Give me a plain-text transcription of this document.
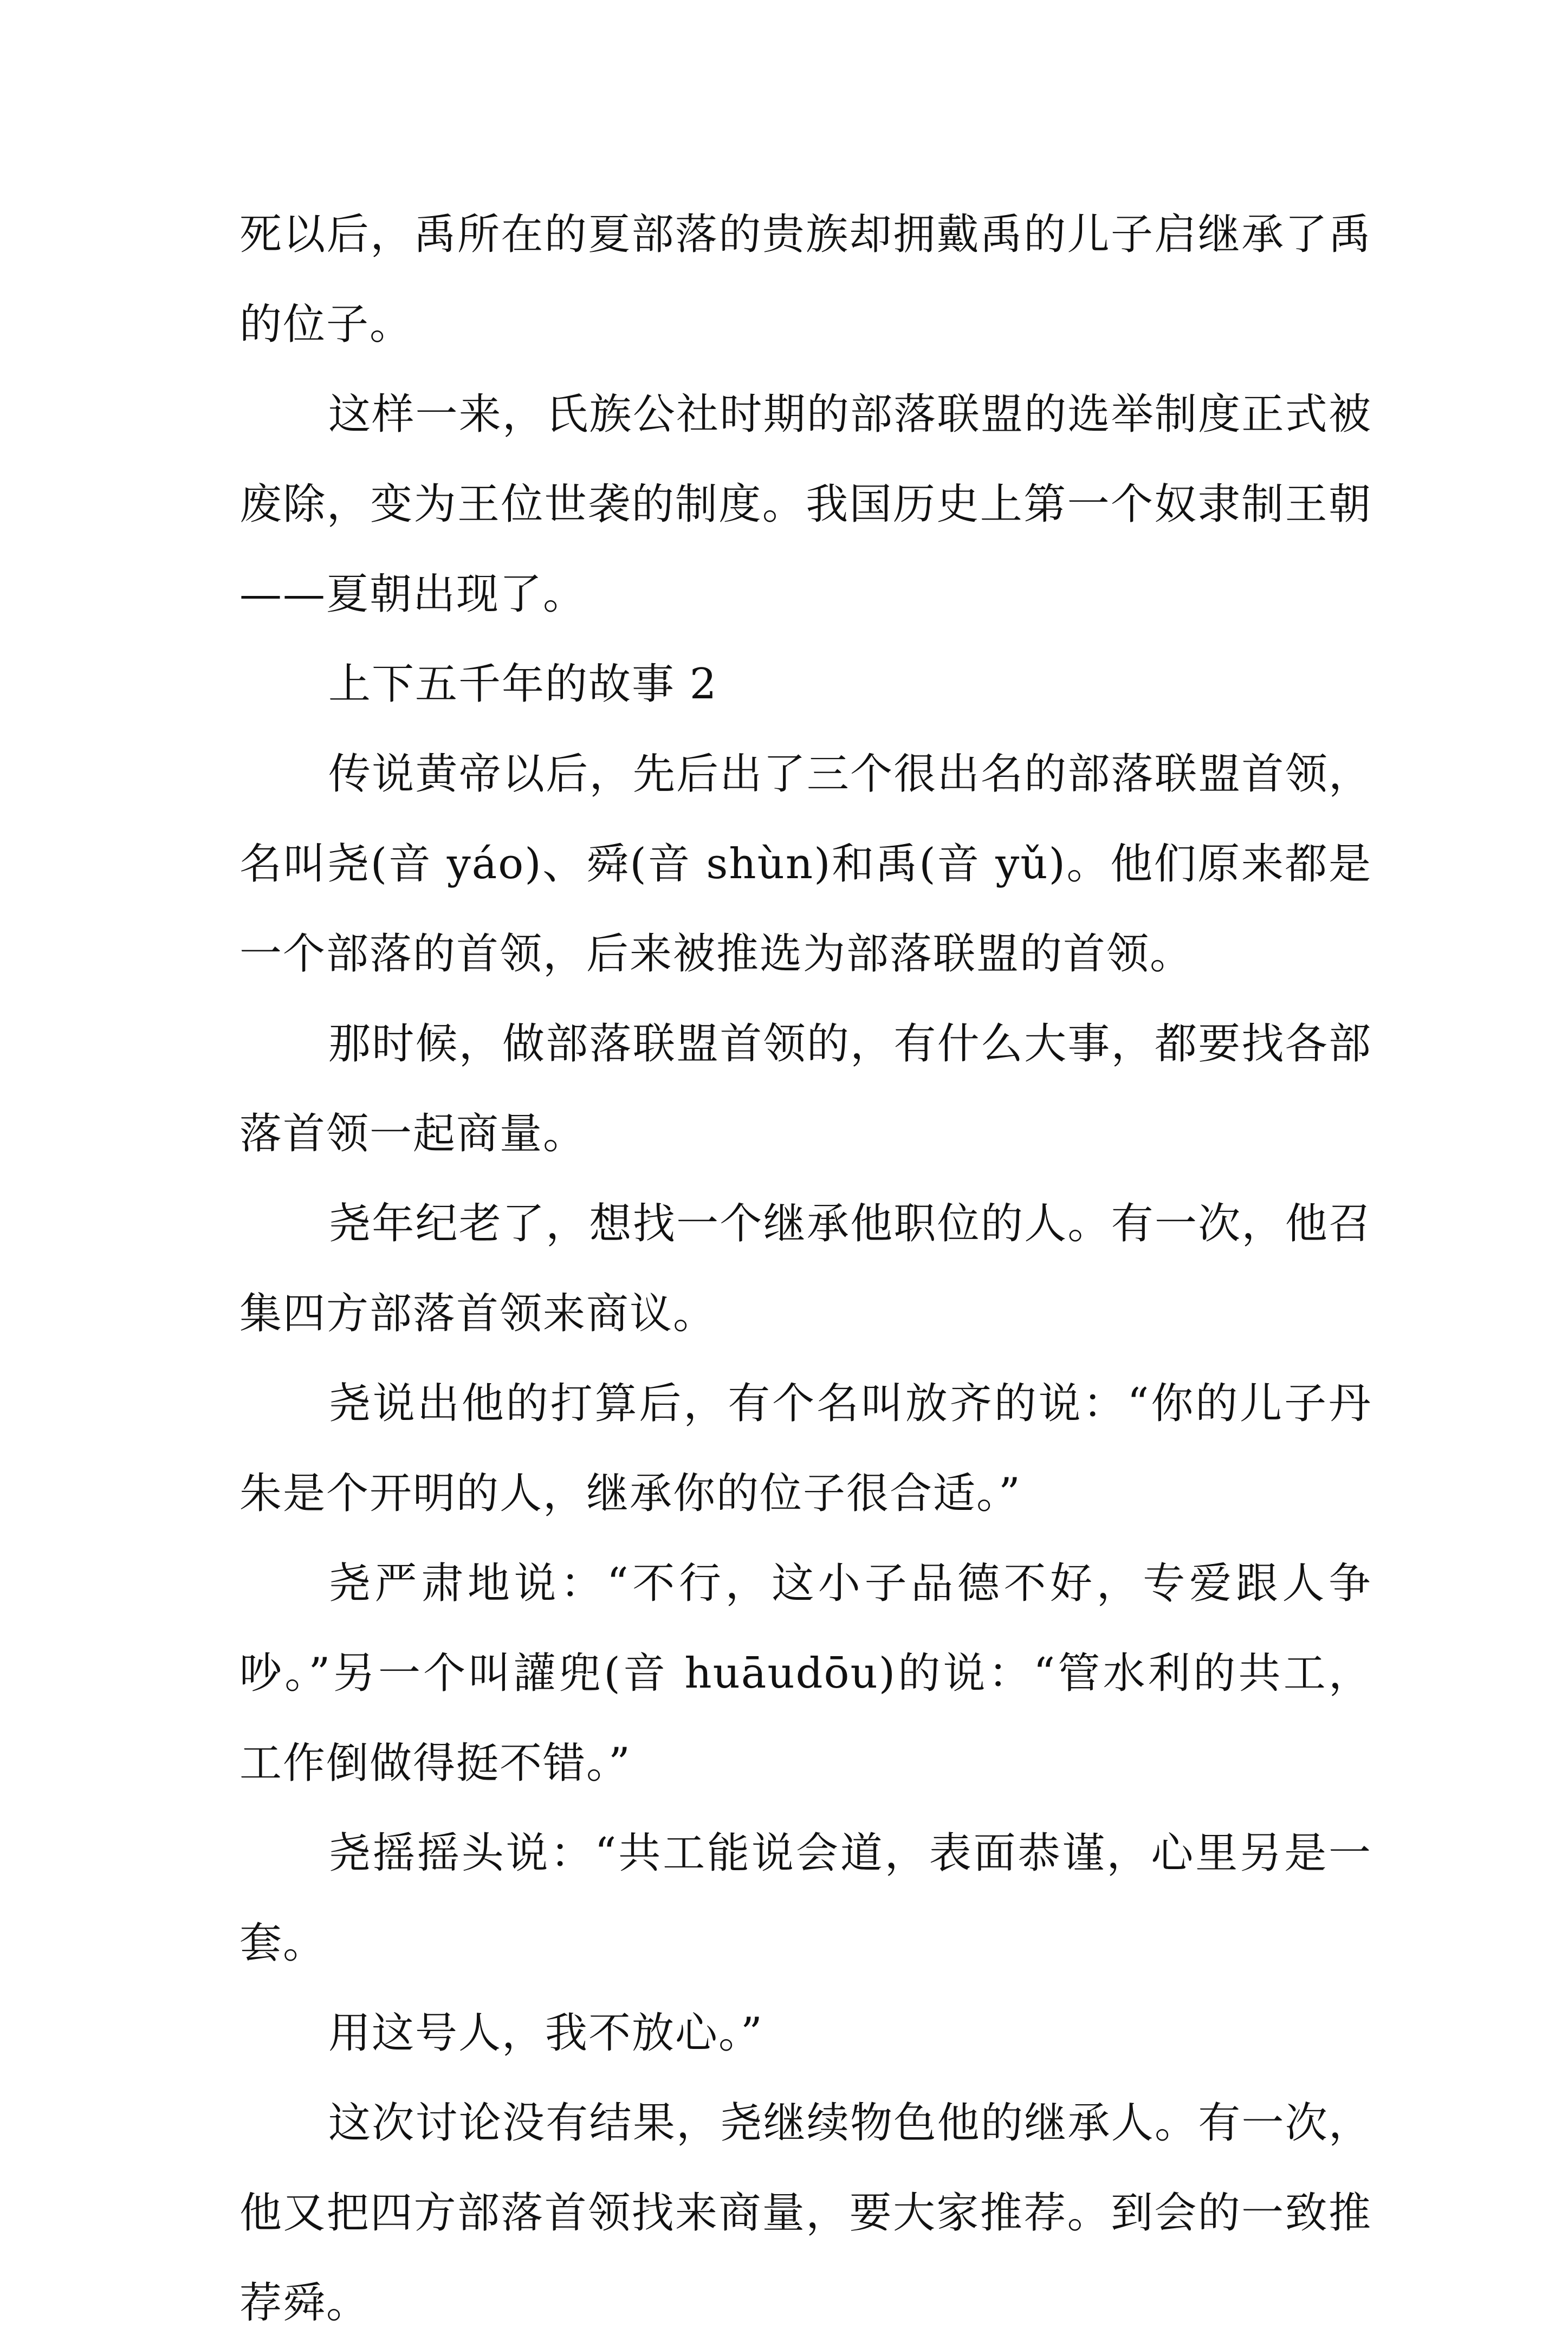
死以后，禹所在的夏部落的贵族却拥戴禹的儿子启继承了禹的位子。

这样一来，氏族公社时期的部落联盟的选举制度正式被废除，变为王位世袭的制度。我国历史上第一个奴隶制王朝——夏朝出现了。

上下五千年的故事 2

传说黄帝以后，先后出了三个很出名的部落联盟首领，名叫尧(音 yáo)、舜(音 shùn)和禹(音 yǔ)。他们原来都是一个部落的首领，后来被推选为部落联盟的首领。

那时候，做部落联盟首领的，有什么大事，都要找各部落首领一起商量。

尧年纪老了，想找一个继承他职位的人。有一次，他召集四方部落首领来商议。

尧说出他的打算后，有个名叫放齐的说：“你的儿子丹朱是个开明的人，继承你的位子很合适。”

尧严肃地说：“不行，这小子品德不好，专爱跟人争吵。”另一个叫讙兜(音 huāudōu)的说：“管水利的共工，工作倒做得挺不错。”

尧摇摇头说：“共工能说会道，表面恭谨，心里另是一套。

用这号人，我不放心。”

这次讨论没有结果，尧继续物色他的继承人。有一次，他又把四方部落首领找来商量，要大家推荐。到会的一致推荐舜。
